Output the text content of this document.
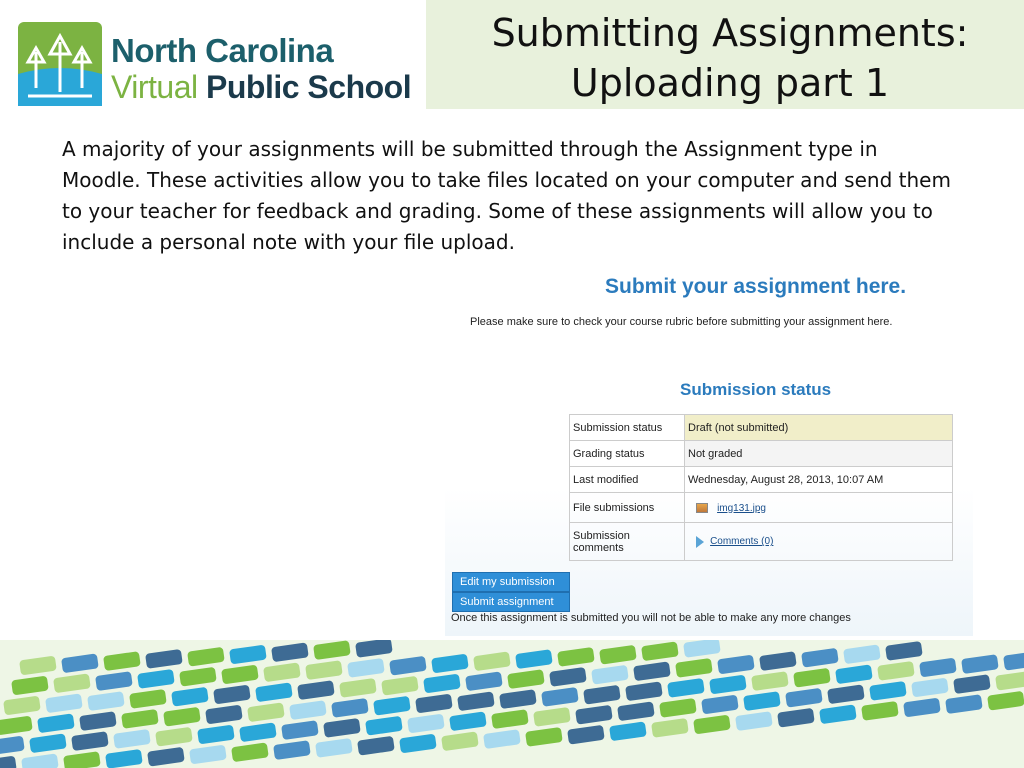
North Carolina
Virtual Public School
Submitting Assignments:
Uploading part 1
A majority of your assignments will be submitted through the Assignment type in Moodle. These activities allow you to take files located on your computer and send them to your teacher for feedback and grading. Some of these assignments will allow you to include a personal note with your file upload.
Submit your assignment here.
Please make sure to check your course rubric before submitting your assignment here.
Submission status
Submission status	Draft (not submitted)
Grading status	Not graded
Last modified	Wednesday, August 28, 2013, 10:07 AM
File submissions	img131.jpg
Submission comments	Comments (0)
Edit my submission
Submit assignment
Once this assignment is submitted you will not be able to make any more changes
